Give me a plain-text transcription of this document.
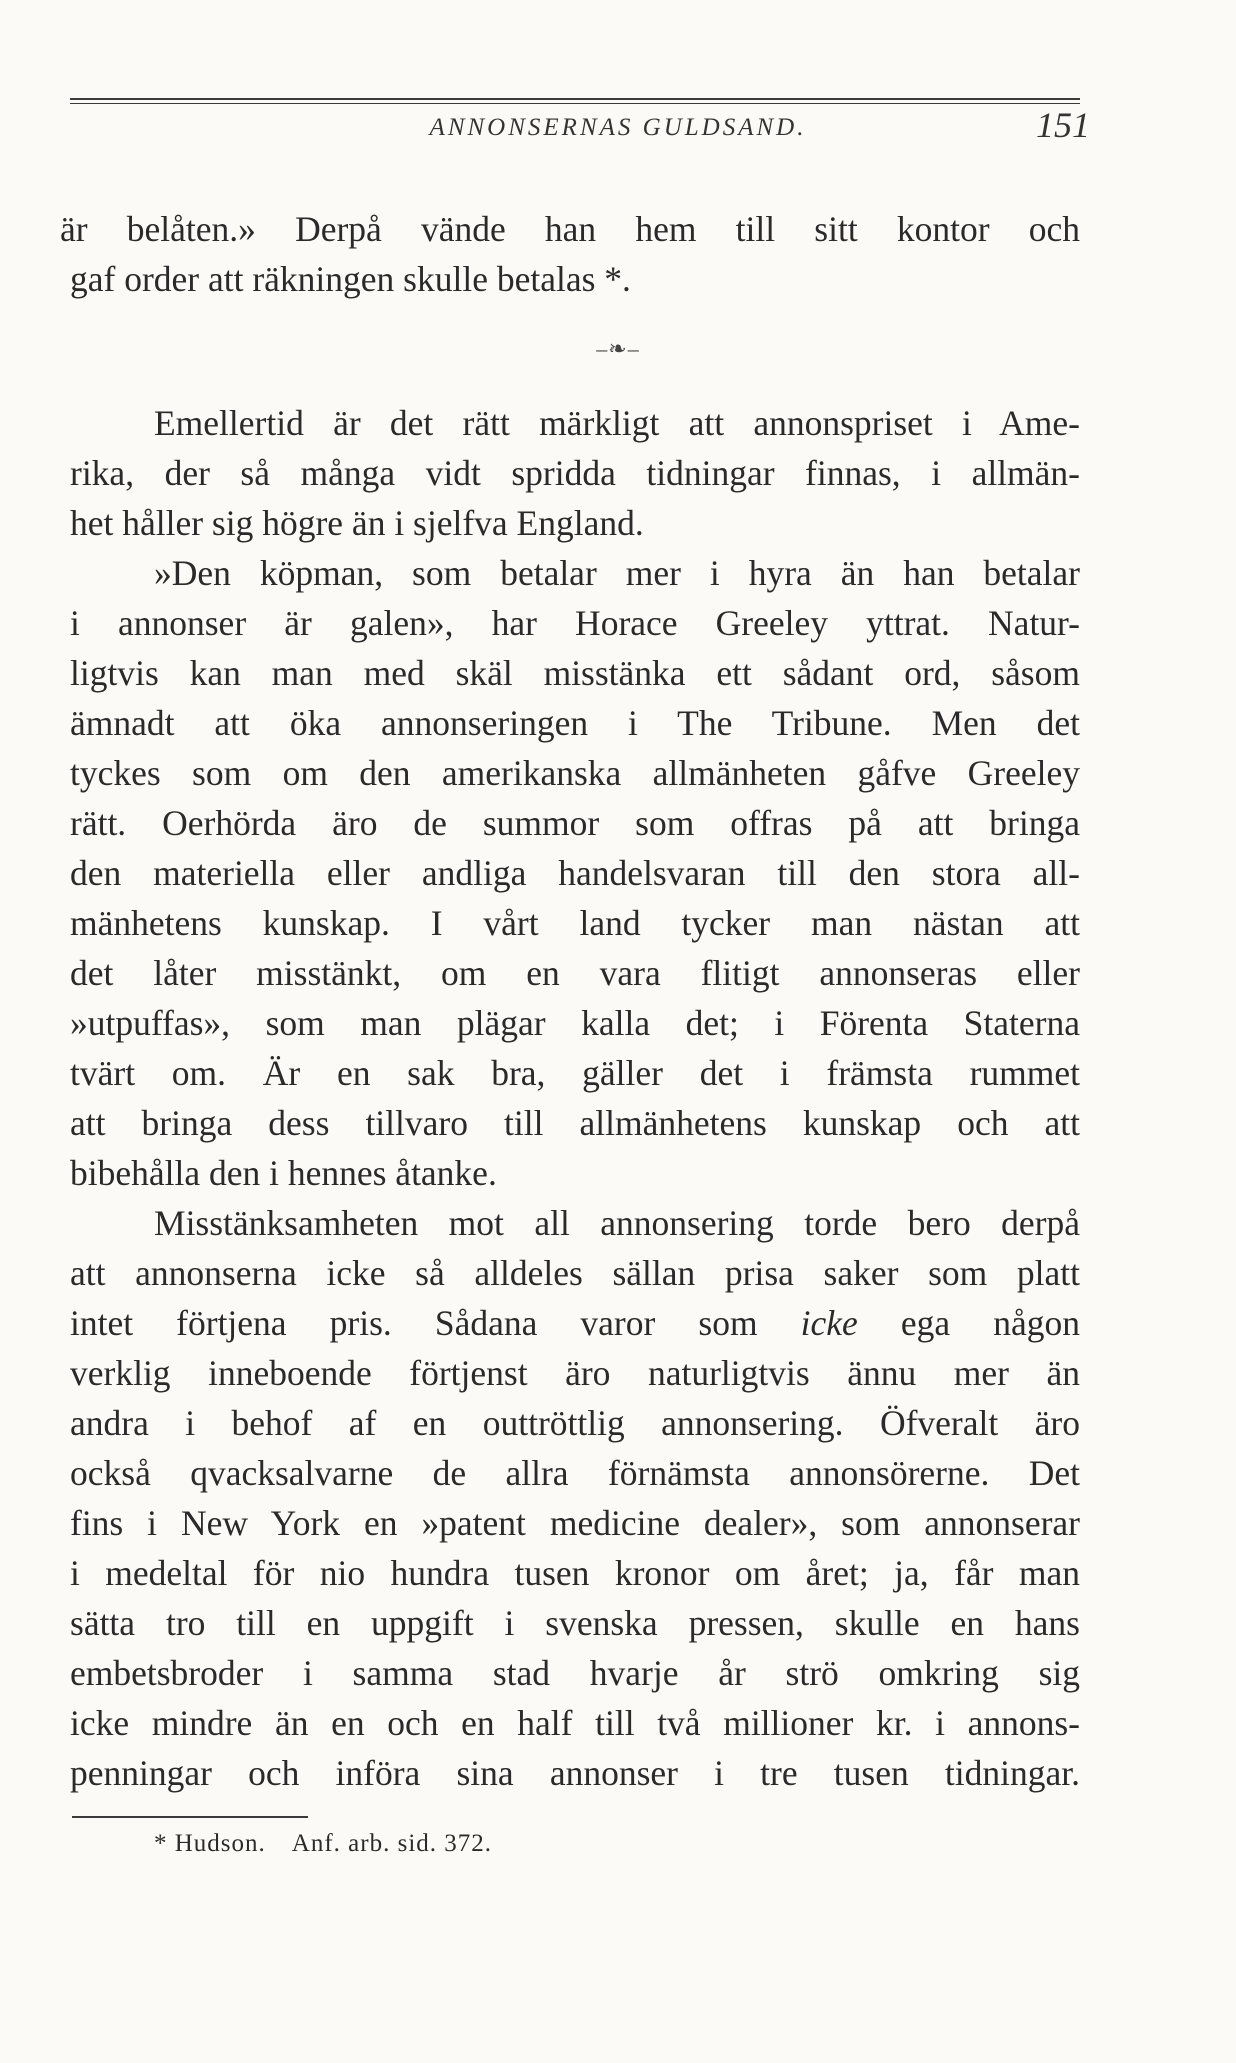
ANNONSERNAS GULDSAND.	151
är belåten.» Derpå vände han hem till sitt kontor och
gaf order att räkningen skulle betalas *.
–❧–
Emellertid är det rätt märkligt att annonspriset i Ame-
rika, der så många vidt spridda tidningar finnas, i allmän-
het håller sig högre än i sjelfva England.
»Den köpman, som betalar mer i hyra än han betalar
i annonser är galen», har Horace Greeley yttrat. Natur-
ligtvis kan man med skäl misstänka ett sådant ord, såsom
ämnadt att öka annonseringen i The Tribune. Men det
tyckes som om den amerikanska allmänheten gåfve Greeley
rätt. Oerhörda äro de summor som offras på att bringa
den materiella eller andliga handelsvaran till den stora all-
mänhetens kunskap. I vårt land tycker man nästan att
det låter misstänkt, om en vara flitigt annonseras eller
»utpuffas», som man plägar kalla det; i Förenta Staterna
tvärt om. Är en sak bra, gäller det i främsta rummet
att bringa dess tillvaro till allmänhetens kunskap och att
bibehålla den i hennes åtanke.
Misstänksamheten mot all annonsering torde bero derpå
att annonserna icke så alldeles sällan prisa saker som platt
intet förtjena pris. Sådana varor som icke ega någon
verklig inneboende förtjenst äro naturligtvis ännu mer än
andra i behof af en outtröttlig annonsering. Öfveralt äro
också qvacksalvarne de allra förnämsta annonsörerne. Det
fins i New York en »patent medicine dealer», som annonserar
i medeltal för nio hundra tusen kronor om året; ja, får man
sätta tro till en uppgift i svenska pressen, skulle en hans
embetsbroder i samma stad hvarje år strö omkring sig
icke mindre än en och en half till två millioner kr. i annons-
penningar och införa sina annonser i tre tusen tidningar.
* Hudson. Anf. arb. sid. 372.
